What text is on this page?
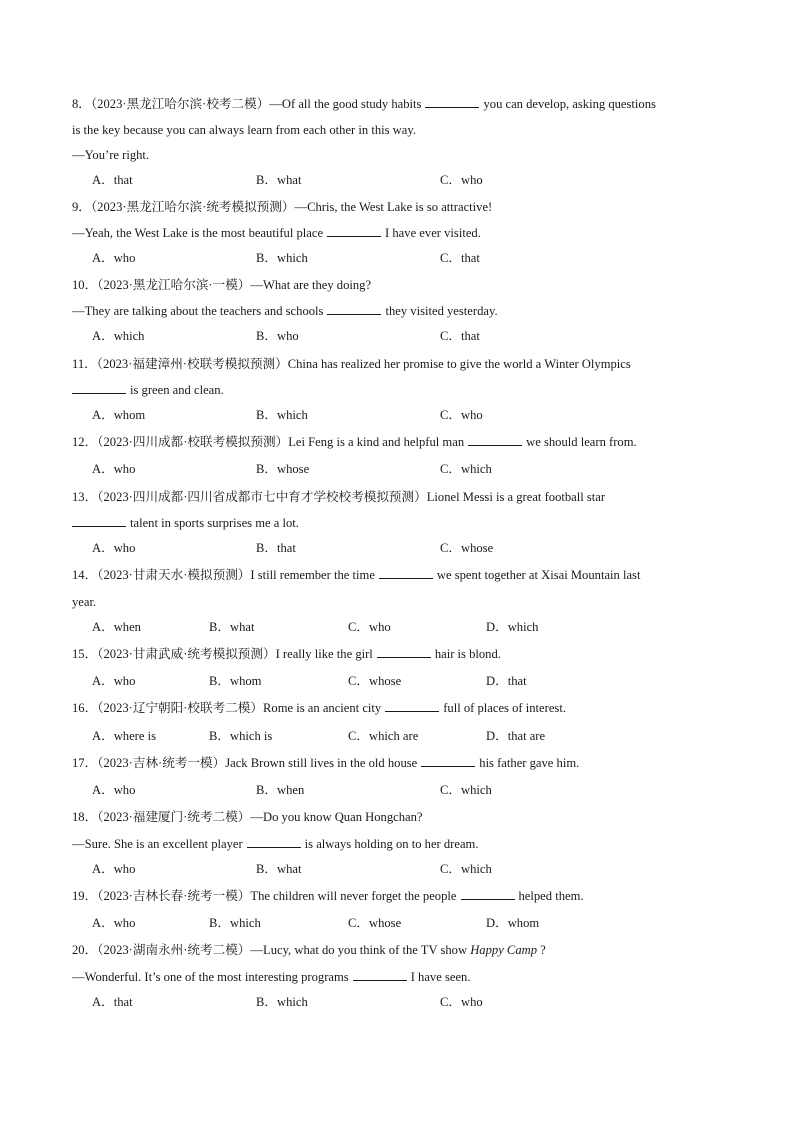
8．（2023·黑龙江哈尔滨·校考二模）—Of all the good study habits	you can develop, asking questions
is the key because you can always learn from each other in this way.
—You’re right.
A．that	B．what	C．who
9．（2023·黑龙江哈尔滨·统考模拟预测）—Chris, the West Lake is so attractive!
—Yeah, the West Lake is the most beautiful place	I have ever visited.
A．who	B．which	C．that
10．（2023·黑龙江哈尔滨·一模）—What are they doing?
—They are talking about the teachers and schools	they visited yesterday.
A．which	B．who	C．that
11．（2023·福建漳州·校联考模拟预测）China has realized her promise to give the world a Winter Olympics
is green and clean.
A．whom	B．which	C．who
12．（2023·四川成都·校联考模拟预测）Lei Feng is a kind and helpful man	we should learn from.
A．who	B．whose	C．which
13．（2023·四川成都·四川省成都市七中育才学校校考模拟预测）Lionel Messi is a great football star
talent in sports surprises me a lot.
A．who	B．that	C．whose
14．（2023·甘肃天水·模拟预测）I still remember the time	we spent together at Xisai Mountain last
year.
A．when	B．what	C．who	D．which
15．（2023·甘肃武威·统考模拟预测）I really like the girl	hair is blond.
A．who	B．whom	C．whose	D．that
16．（2023·辽宁朝阳·校联考二模）Rome is an ancient city	full of places of interest.
A．where is	B．which is	C．which are	D．that are
17．（2023·吉林·统考一模）Jack Brown still lives in the old house	his father gave him.
A．who	B．when	C．which
18．（2023·福建厦门·统考二模）—Do you know Quan Hongchan?
—Sure. She is an excellent player	is always holding on to her dream.
A．who	B．what	C．which
19．（2023·吉林长春·统考一模）The children will never forget the people	helped them.
A．who	B．which	C．whose	D．whom
20．（2023·湖南永州·统考二模）—Lucy, what do you think of the TV show Happy Camp ?
—Wonderful. It’s one of the most interesting programs	I have seen.
A．that	B．which	C．who
